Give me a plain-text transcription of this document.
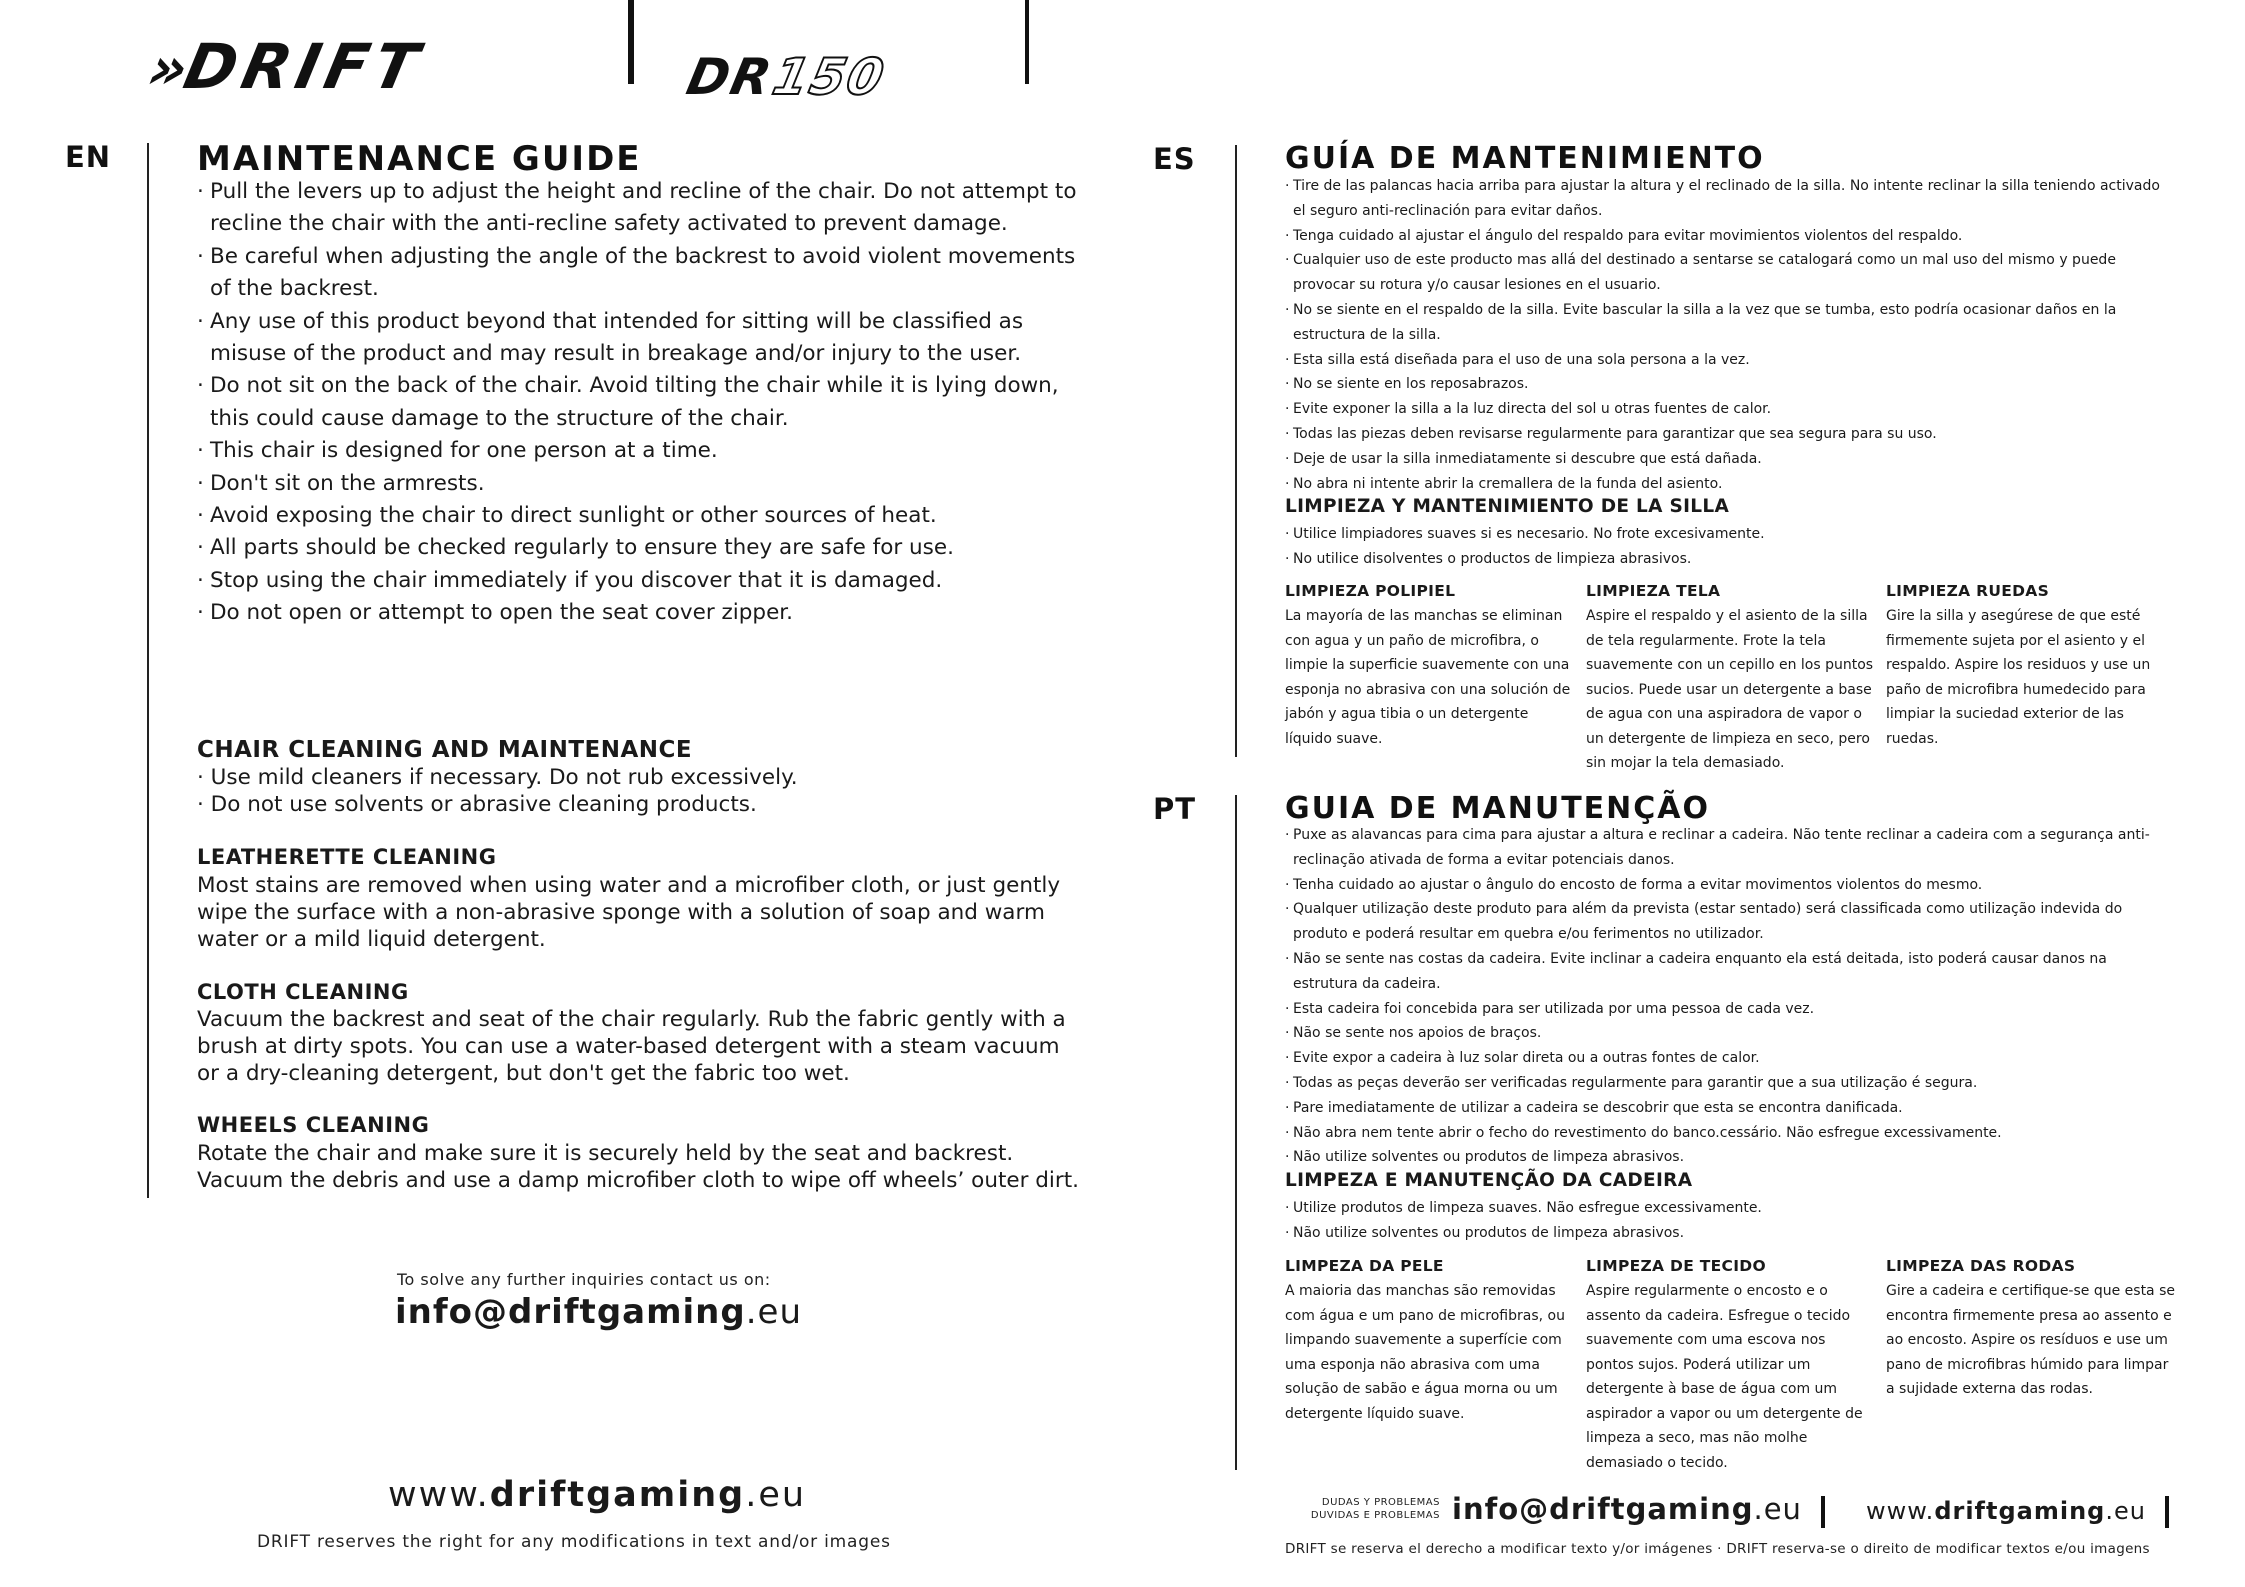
»DRIFT	DR150
EN	MAINTENANCE GUIDE
· Pull the levers up to adjust the height and recline of the chair. Do not attempt to recline the chair with the anti-recline safety activated to prevent damage.
· Be careful when adjusting the angle of the backrest to avoid violent movements of the backrest.
· Any use of this product beyond that intended for sitting will be classified as misuse of the product and may result in breakage and/or injury to the user.
· Do not sit on the back of the chair. Avoid tilting the chair while it is lying down, this could cause damage to the structure of the chair.
· This chair is designed for one person at a time.
· Don't sit on the armrests.
· Avoid exposing the chair to direct sunlight or other sources of heat.
· All parts should be checked regularly to ensure they are safe for use.
· Stop using the chair immediately if you discover that it is damaged.
· Do not open or attempt to open the seat cover zipper.
CHAIR CLEANING AND MAINTENANCE
· Use mild cleaners if necessary. Do not rub excessively.
· Do not use solvents or abrasive cleaning products.
LEATHERETTE CLEANING
Most stains are removed when using water and a microfiber cloth, or just gently wipe the surface with a non-abrasive sponge with a solution of soap and warm water or a mild liquid detergent.
CLOTH CLEANING
Vacuum the backrest and seat of the chair regularly. Rub the fabric gently with a brush at dirty spots. You can use a water-based detergent with a steam vacuum or a dry-cleaning detergent, but don't get the fabric too wet.
WHEELS CLEANING
Rotate the chair and make sure it is securely held by the seat and backrest. Vacuum the debris and use a damp microfiber cloth to wipe off wheels’ outer dirt.
To solve any further inquiries contact us on:
info@driftgaming.eu
www.driftgaming.eu
DRIFT reserves the right for any modifications in text and/or images
ES	GUÍA DE MANTENIMIENTO
· Tire de las palancas hacia arriba para ajustar la altura y el reclinado de la silla. No intente reclinar la silla teniendo activado el seguro anti-reclinación para evitar daños.
· Tenga cuidado al ajustar el ángulo del respaldo para evitar movimientos violentos del respaldo.
· Cualquier uso de este producto mas allá del destinado a sentarse se catalogará como un mal uso del mismo y puede provocar su rotura y/o causar lesiones en el usuario.
· No se siente en el respaldo de la silla. Evite bascular la silla a la vez que se tumba, esto podría ocasionar daños en la estructura de la silla.
· Esta silla está diseñada para el uso de una sola persona a la vez.
· No se siente en los reposabrazos.
· Evite exponer la silla a la luz directa del sol u otras fuentes de calor.
· Todas las piezas deben revisarse regularmente para garantizar que sea segura para su uso.
· Deje de usar la silla inmediatamente si descubre que está dañada.
· No abra ni intente abrir la cremallera de la funda del asiento.
LIMPIEZA Y MANTENIMIENTO DE LA SILLA
· Utilice limpiadores suaves si es necesario. No frote excesivamente.
· No utilice disolventes o productos de limpieza abrasivos.
LIMPIEZA POLIPIEL
La mayoría de las manchas se eliminan con agua y un paño de microfibra, o limpie la superficie suavemente con una esponja no abrasiva con una solución de jabón y agua tibia o un detergente líquido suave.
LIMPIEZA TELA
Aspire el respaldo y el asiento de la silla de tela regularmente. Frote la tela suavemente con un cepillo en los puntos sucios. Puede usar un detergente a base de agua con una aspiradora de vapor o un detergente de limpieza en seco, pero sin mojar la tela demasiado.
LIMPIEZA RUEDAS
Gire la silla y asegúrese de que esté firmemente sujeta por el asiento y el respaldo. Aspire los residuos y use un paño de microfibra humedecido para limpiar la suciedad exterior de las ruedas.
PT	GUIA DE MANUTENÇÃO
· Puxe as alavancas para cima para ajustar a altura e reclinar a cadeira. Não tente reclinar a cadeira com a segurança anti-reclinação ativada de forma a evitar potenciais danos.
· Tenha cuidado ao ajustar o ângulo do encosto de forma a evitar movimentos violentos do mesmo.
· Qualquer utilização deste produto para além da prevista (estar sentado) será classificada como utilização indevida do produto e poderá resultar em quebra e/ou ferimentos no utilizador.
· Não se sente nas costas da cadeira. Evite inclinar a cadeira enquanto ela está deitada, isto poderá causar danos na estrutura da cadeira.
· Esta cadeira foi concebida para ser utilizada por uma pessoa de cada vez.
· Não se sente nos apoios de braços.
· Evite expor a cadeira à luz solar direta ou a outras fontes de calor.
· Todas as peças deverão ser verificadas regularmente para garantir que a sua utilização é segura.
· Pare imediatamente de utilizar a cadeira se descobrir que esta se encontra danificada.
· Não abra nem tente abrir o fecho do revestimento do banco.cessário. Não esfregue excessivamente.
· Não utilize solventes ou produtos de limpeza abrasivos.
LIMPEZA E MANUTENÇÃO DA CADEIRA
· Utilize produtos de limpeza suaves. Não esfregue excessivamente.
· Não utilize solventes ou produtos de limpeza abrasivos.
LIMPEZA DA PELE
A maioria das manchas são removidas com água e um pano de microfibras, ou limpando suavemente a superfície com uma esponja não abrasiva com uma solução de sabão e água morna ou um detergente líquido suave.
LIMPEZA DE TECIDO
Aspire regularmente o encosto e o assento da cadeira. Esfregue o tecido suavemente com uma escova nos pontos sujos. Poderá utilizar um detergente à base de água com um aspirador a vapor ou um detergente de limpeza a seco, mas não molhe demasiado o tecido.
LIMPEZA DAS RODAS
Gire a cadeira e certifique-se que esta se encontra firmemente presa ao assento e ao encosto. Aspire os resíduos e use um pano de microfibras húmido para limpar a sujidade externa das rodas.
DUDAS Y PROBLEMAS
DUVIDAS E PROBLEMAS info@driftgaming.eu	www.driftgaming.eu
DRIFT se reserva el derecho a modificar texto y/or imágenes · DRIFT reserva-se o direito de modificar textos e/ou imagens
